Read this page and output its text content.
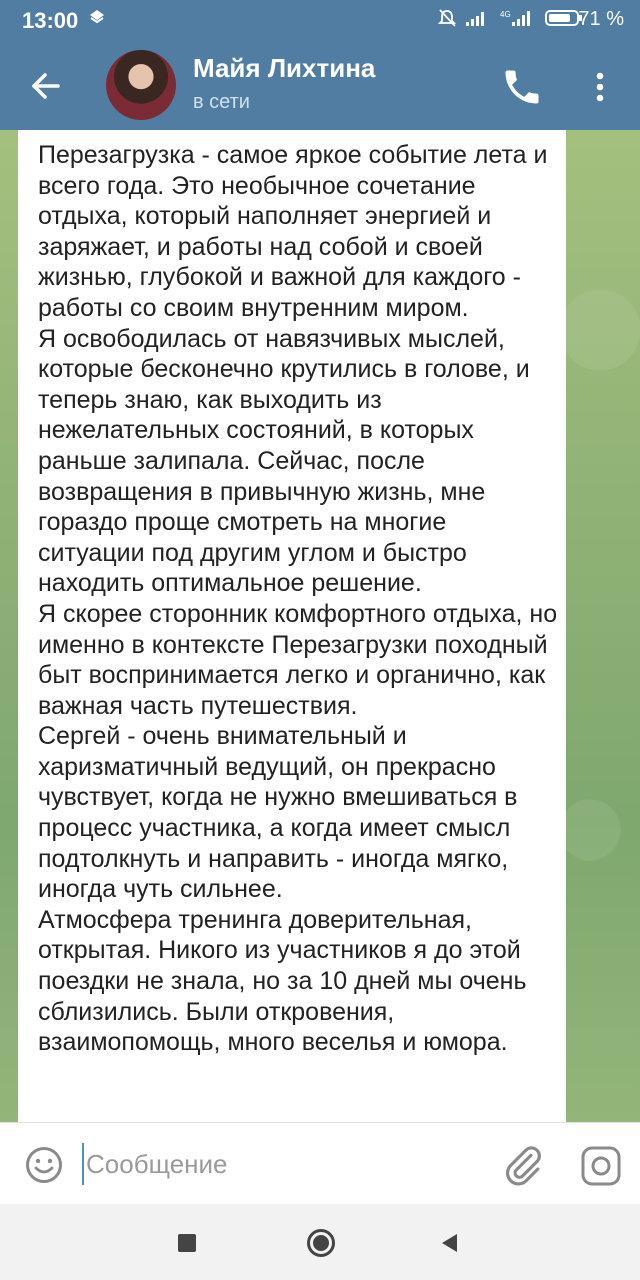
13:00	4G	71 %
Майя Лихтина
в сети

Перезагрузка - самое яркое событие лета и всего года. Это необычное сочетание отдыха, который наполняет энергией и заряжает, и работы над собой и своей жизнью, глубокой и важной для каждого - работы со своим внутренним миром.

Я освободилась от навязчивых мыслей, которые бесконечно крутились в голове, и теперь знаю, как выходить из нежелательных состояний, в которых раньше залипала. Сейчас, после возвращения в привычную жизнь, мне гораздо проще смотреть на многие ситуации под другим углом и быстро находить оптимальное решение.

Я скорее сторонник комфортного отдыха, но именно в контексте Перезагрузки походный быт воспринимается легко и органично, как важная часть путешествия.

Сергей - очень внимательный и харизматичный ведущий, он прекрасно чувствует, когда не нужно вмешиваться в процесс участника, а когда имеет смысл подтолкнуть и направить - иногда мягко, иногда чуть сильнее.

Атмосфера тренинга доверительная, открытая. Никого из участников я до этой поездки не знала, но за 10 дней мы очень сблизились. Были откровения, взаимопомощь, много веселья и юмора.

Сообщение
